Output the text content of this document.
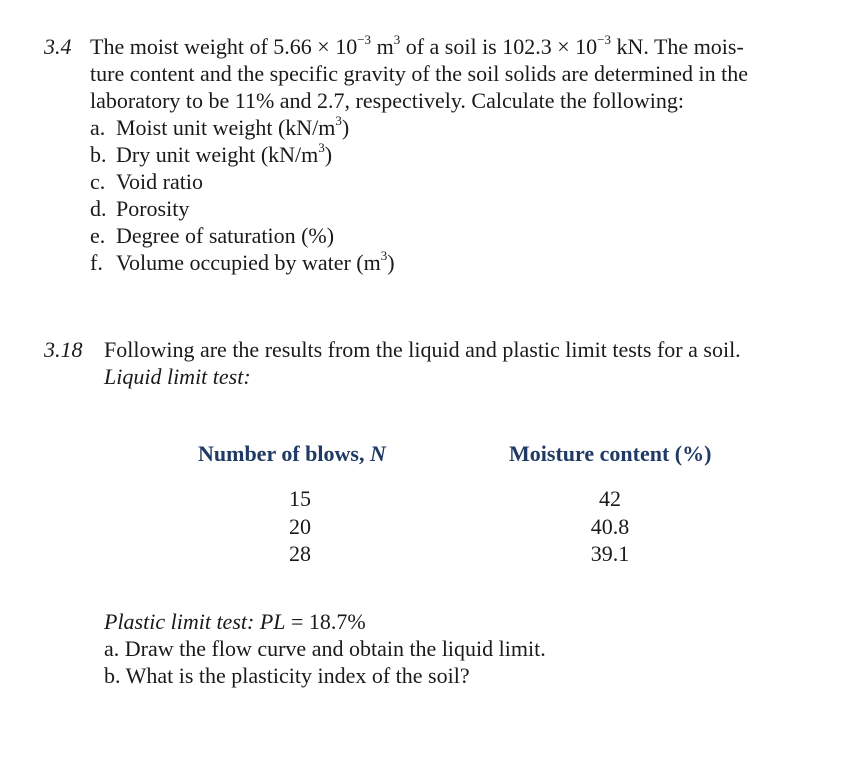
3.4 The moist weight of $5.66 \times 10^{-3}$ $m^3$ of a soil is $102.3 \times 10^{-3}$ kN. The mois-
ture content and the specific gravity of the soil solids are determined in the
laboratory to be 11% and 2.7, respectively. Calculate the following:
a. Moist unit weight $(kN/m^3)$
b. Dry unit weight $(kN/m^3)$
c. Void ratio
d. Porosity
e. Degree of saturation (%)
f. Volume occupied by water $(m^3)$
3.18 Following are the results from the liquid and plastic limit tests for a soil.
Liquid limit test:
Number of blows, N	Moisture content (%)
15
20
28
42
40.8
39.1
Plastic limit test: PL = 18.7%
a. Draw the flow curve and obtain the liquid limit.
b. What is the plasticity index of the soil?
